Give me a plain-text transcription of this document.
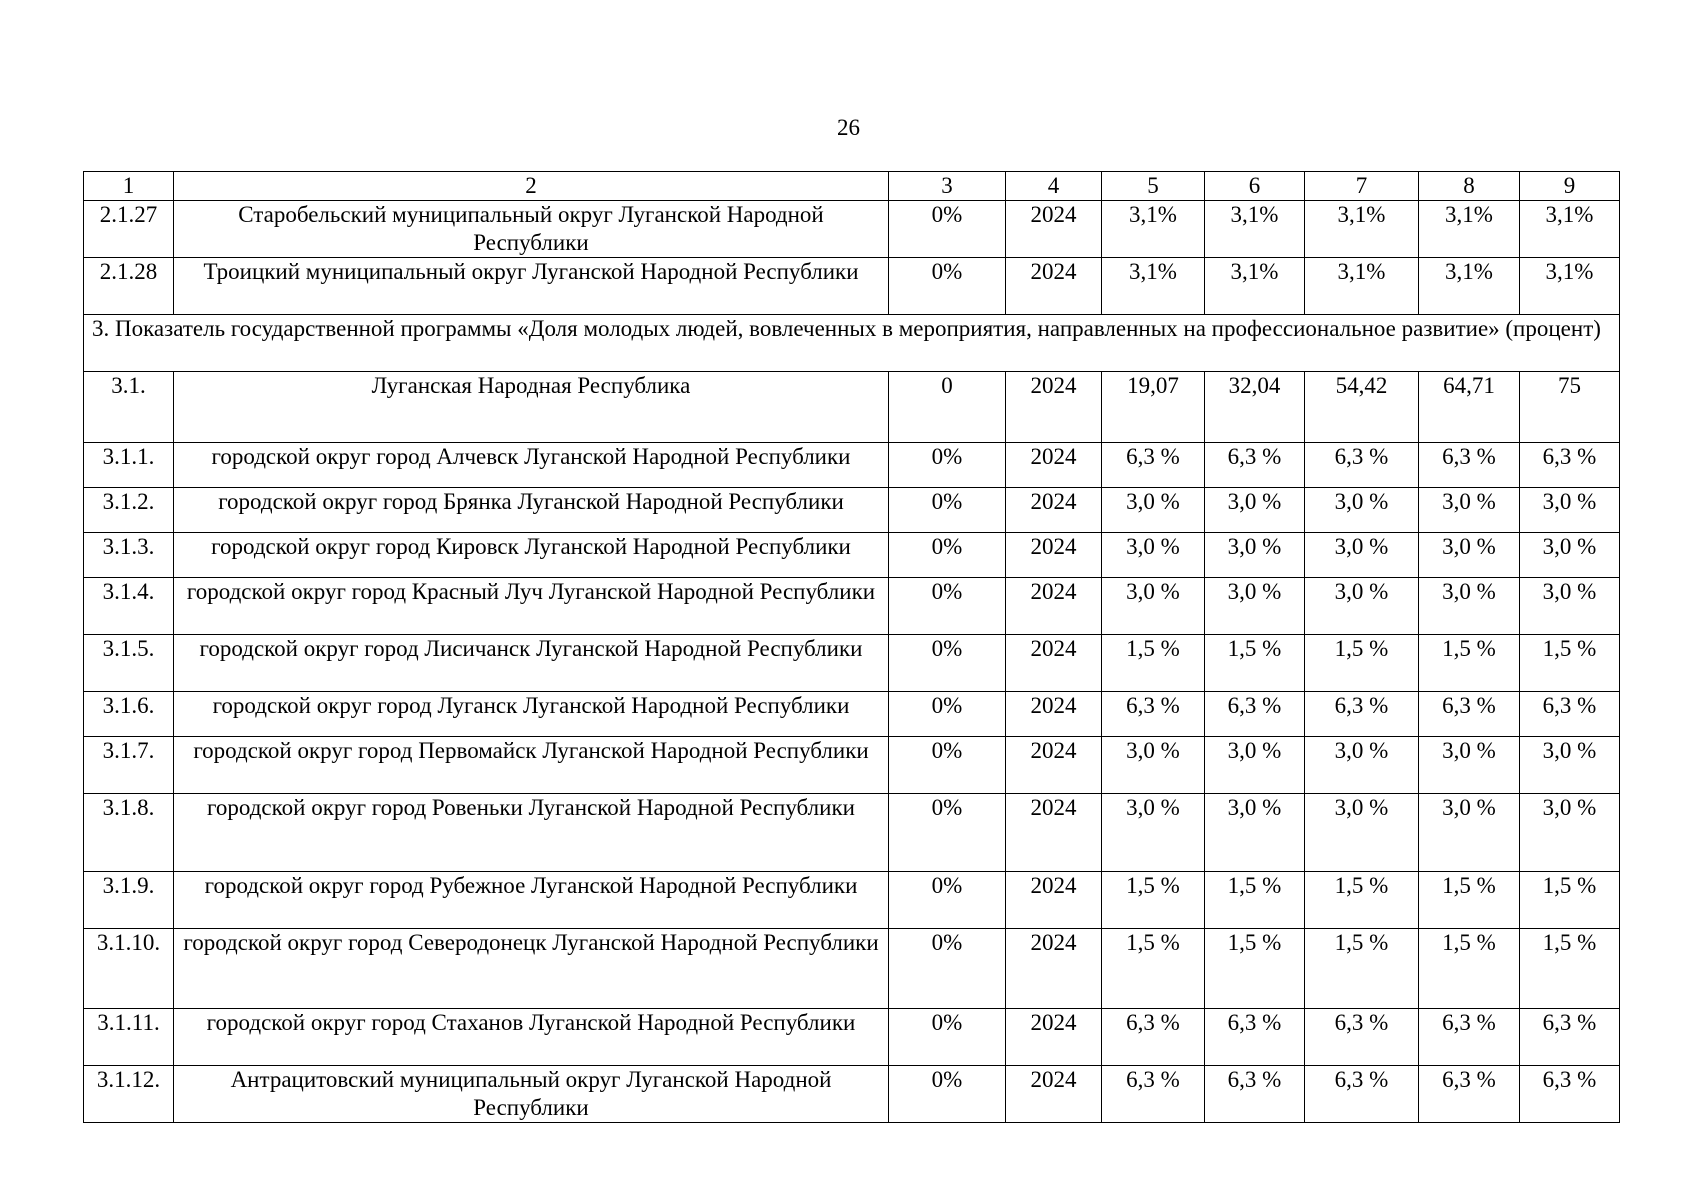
26
1	2	3	4	5	6	7	8	9
2.1.27	Старобельский муниципальный округ Луганской Народной Республики	0%	2024	3,1%	3,1%	3,1%	3,1%	3,1%
2.1.28	Троицкий муниципальный округ Луганской Народной Республики	0%	2024	3,1%	3,1%	3,1%	3,1%	3,1%
3. Показатель государственной программы «Доля молодых людей, вовлеченных в мероприятия, направленных на профессиональное развитие» (процент)								
3.1.	Луганская Народная Республика	0	2024	19,07	32,04	54,42	64,71	75
3.1.1.	городской округ город Алчевск Луганской Народной Республики	0%	2024	6,3 %	6,3 %	6,3 %	6,3 %	6,3 %
3.1.2.	городской округ город Брянка Луганской Народной Республики	0%	2024	3,0 %	3,0 %	3,0 %	3,0 %	3,0 %
3.1.3.	городской округ город Кировск Луганской Народной Республики	0%	2024	3,0 %	3,0 %	3,0 %	3,0 %	3,0 %
3.1.4.	городской округ город Красный Луч Луганской Народной Республики	0%	2024	3,0 %	3,0 %	3,0 %	3,0 %	3,0 %
3.1.5.	городской округ город Лисичанск Луганской Народной Республики	0%	2024	1,5 %	1,5 %	1,5 %	1,5 %	1,5 %
3.1.6.	городской округ город Луганск Луганской Народной Республики	0%	2024	6,3 %	6,3 %	6,3 %	6,3 %	6,3 %
3.1.7.	городской округ город Первомайск Луганской Народной Республики	0%	2024	3,0 %	3,0 %	3,0 %	3,0 %	3,0 %
3.1.8.	городской округ город Ровеньки Луганской Народной Республики	0%	2024	3,0 %	3,0 %	3,0 %	3,0 %	3,0 %
3.1.9.	городской округ город Рубежное Луганской Народной Республики	0%	2024	1,5 %	1,5 %	1,5 %	1,5 %	1,5 %
3.1.10.	городской округ город Северодонецк Луганской Народной Республики	0%	2024	1,5 %	1,5 %	1,5 %	1,5 %	1,5 %
3.1.11.	городской округ город Стаханов Луганской Народной Республики	0%	2024	6,3 %	6,3 %	6,3 %	6,3 %	6,3 %
3.1.12.	Антрацитовский муниципальный округ Луганской Народной Республики	0%	2024	6,3 %	6,3 %	6,3 %	6,3 %	6,3 %
